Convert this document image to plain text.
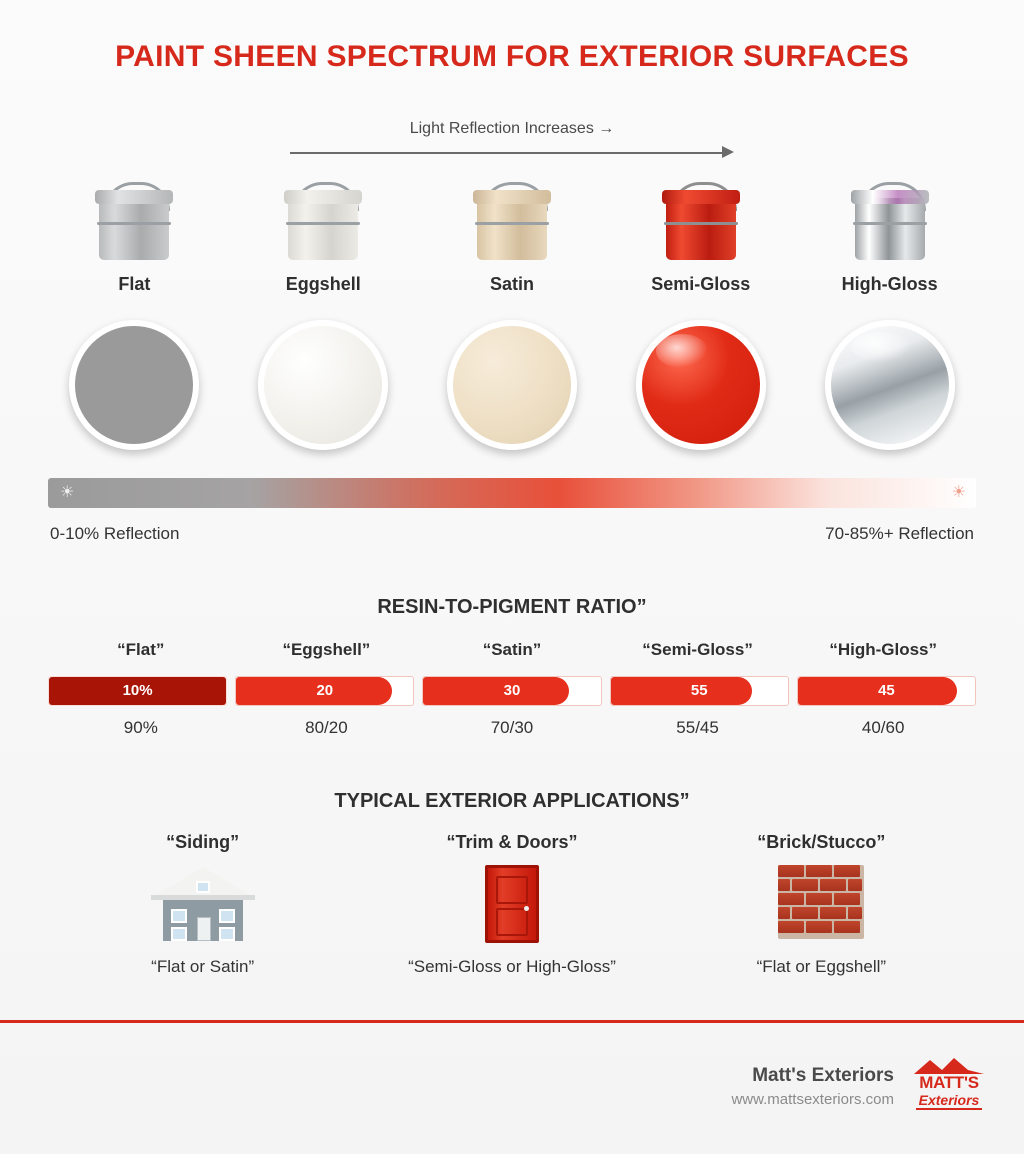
PAINT SHEEN SPECTRUM FOR EXTERIOR SURFACES
Light Reflection Increases →
Flat	Eggshell	Satin	Semi-Gloss	High-Gloss
☀	☀
0-10% Reflection	70-85%+ Reflection
RESIN-TO-PIGMENT RATIO”
“Flat”	“Eggshell”	“Satin”	“Semi-Gloss”	“High-Gloss”
10%	20	30	55	45
90%	80/20	70/30	55/45	40/60
TYPICAL EXTERIOR APPLICATIONS”
“Siding”
“Flat or Satin”
“Trim & Doors”
“Semi-Gloss or High-Gloss”
“Brick/Stucco”
“Flat or Eggshell”
Matt's Exteriors
www.mattsexteriors.com
MATT'S
Exteriors
